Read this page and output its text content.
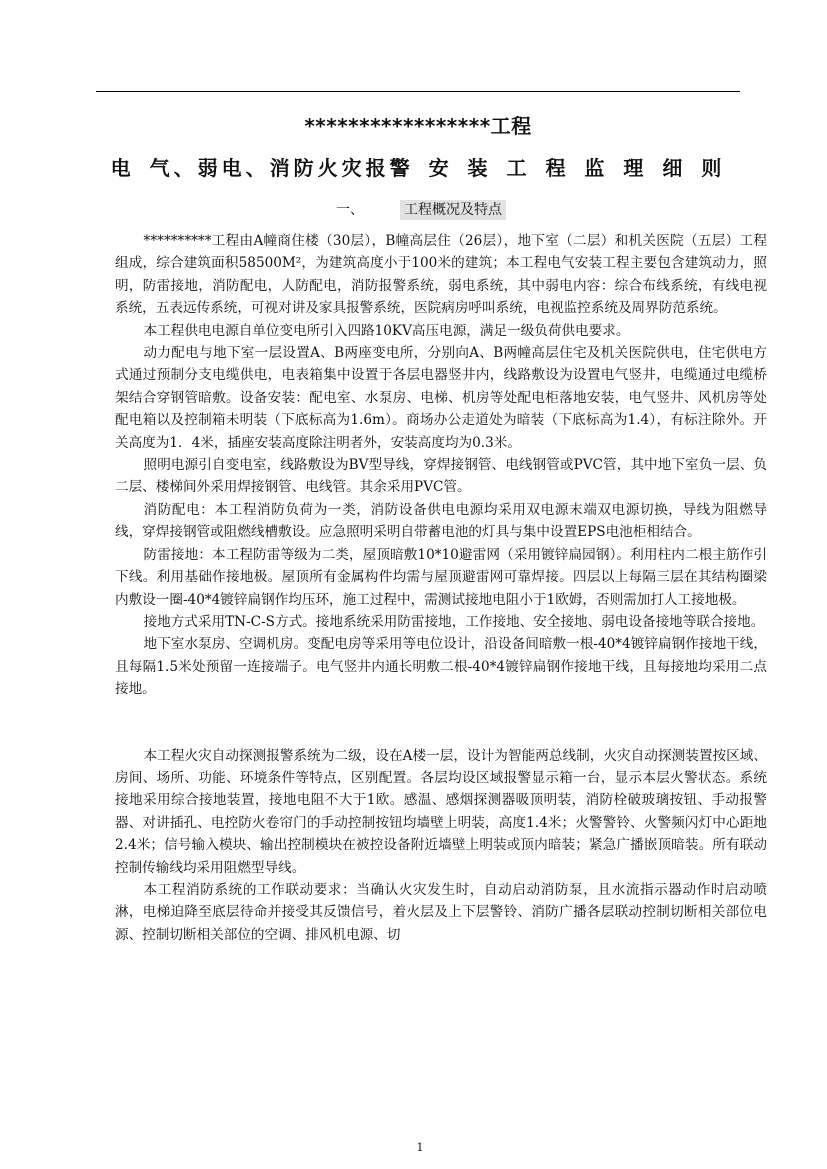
*****************工程
电 气、弱电、消防火灾报警 安 装 工 程 监 理 细 则
一、	工程概况及特点

**********工程由A幢商住楼（30层），B幢高层住（26层），地下室（二层）和机关医院（五层）工程组成，综合建筑面积58500M²，为建筑高度小于100米的建筑；本工程电气安装工程主要包含建筑动力，照明，防雷接地，消防配电，人防配电，消防报警系统，弱电系统，其中弱电内容：综合布线系统，有线电视系统，五表远传系统，可视对讲及家具报警系统，医院病房呼叫系统，电视监控系统及周界防范系统。

本工程供电电源自单位变电所引入四路10KV高压电源，满足一级负荷供电要求。

动力配电与地下室一层设置A、B两座变电所，分别向A、B两幢高层住宅及机关医院供电，住宅供电方式通过预制分支电缆供电，电表箱集中设置于各层电器竖井内，线路敷设为设置电气竖井，电缆通过电缆桥架结合穿钢管暗敷。设备安装：配电室、水泵房、电梯、机房等处配电柜落地安装，电气竖井、风机房等处配电箱以及控制箱未明装（下底标高为1.6m）。商场办公走道处为暗装（下底标高为1.4），有标注除外。开关高度为1．4米，插座安装高度除注明者外，安装高度均为0.3米。

照明电源引自变电室，线路敷设为BV型导线，穿焊接钢管、电线钢管或PVC管，其中地下室负一层、负二层、楼梯间外采用焊接钢管、电线管。其余采用PVC管。

消防配电：本工程消防负荷为一类，消防设备供电电源均采用双电源末端双电源切换，导线为阻燃导线，穿焊接钢管或阻燃线槽敷设。应急照明采明自带蓄电池的灯具与集中设置EPS电池柜相结合。

防雷接地：本工程防雷等级为二类，屋顶暗敷10*10避雷网（采用镀锌扁园钢）。利用柱内二根主筋作引下线。利用基础作接地极。屋顶所有金属构件均需与屋顶避雷网可靠焊接。四层以上每隔三层在其结构圈梁内敷设一圈-40*4镀锌扁钢作均压环，施工过程中，需测试接地电阻小于1欧姆，否则需加打人工接地极。

接地方式采用TN-C-S方式。接地系统采用防雷接地，工作接地、安全接地、弱电设备接地等联合接地。

地下室水泵房、空调机房。变配电房等采用等电位设计，沿设备间暗敷一根-40*4镀锌扁钢作接地干线，且每隔1.5米处预留一连接端子。电气竖井内通长明敷二根-40*4镀锌扁钢作接地干线，且每接地均采用二点接地。

本工程火灾自动探测报警系统为二级，设在A楼一层，设计为智能两总线制，火灾自动探测装置按区域、房间、场所、功能、环境条件等特点，区别配置。各层均设区域报警显示箱一台，显示本层火警状态。系统接地采用综合接地装置，接地电阻不大于1欧。感温、感烟探测器吸顶明装，消防栓破玻璃按钮、手动报警器、对讲插孔、电控防火卷帘门的手动控制按钮均墙壁上明装，高度1.4米；火警警铃、火警频闪灯中心距地2.4米；信号输入模块、输出控制模块在被控设备附近墙壁上明装或顶内暗装；紧急广播嵌顶暗装。所有联动控制传输线均采用阻燃型导线。

本工程消防系统的工作联动要求：当确认火灾发生时，自动启动消防泵，且水流指示器动作时启动喷淋，电梯迫降至底层待命并接受其反馈信号，着火层及上下层警铃、消防广播各层联动控制切断相关部位电源、控制切断相关部位的空调、排风机电源、切

1
